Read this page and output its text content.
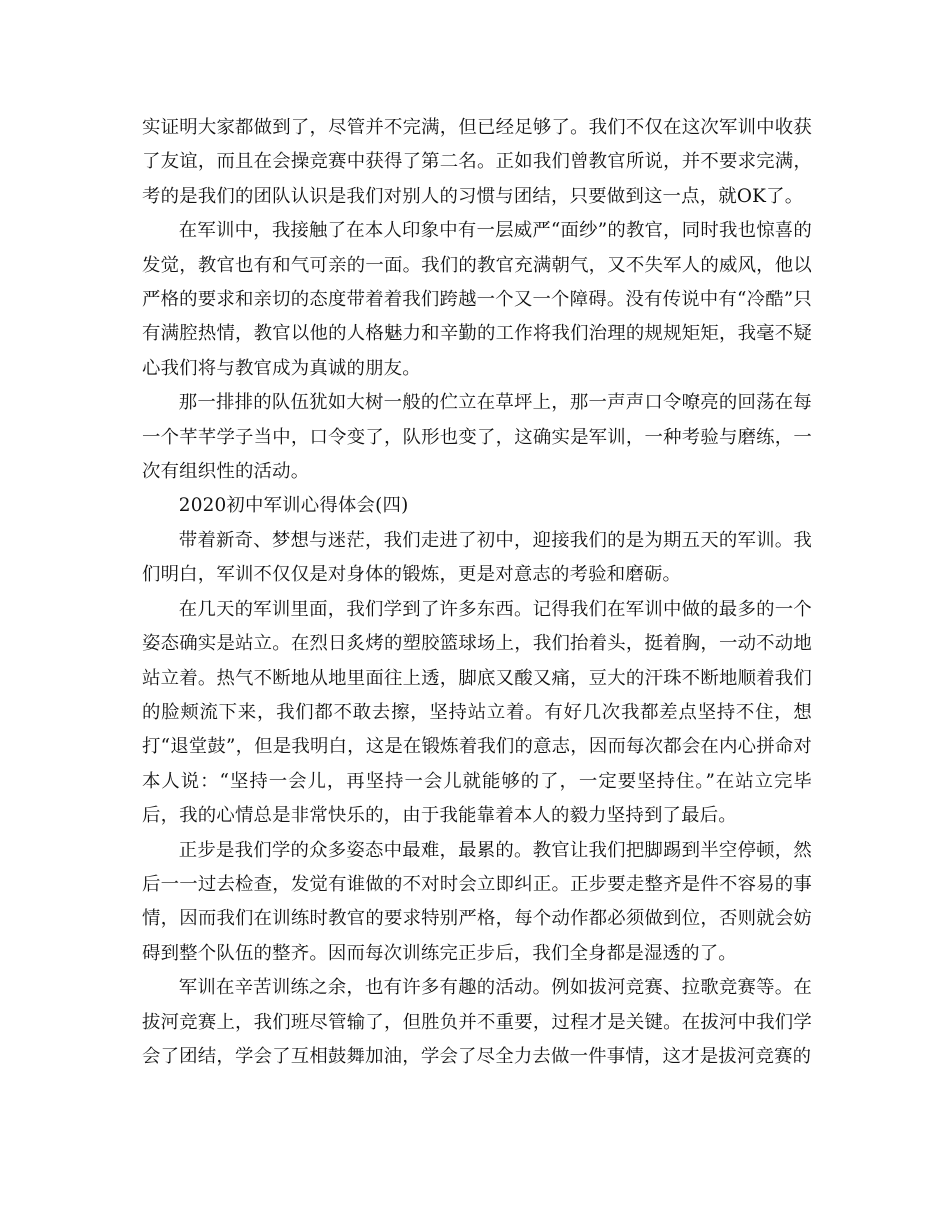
实证明大家都做到了，尽管并不完满，但已经足够了。我们不仅在这次军训中收获了友谊，而且在会操竞赛中获得了第二名。正如我们曾教官所说，并不要求完满，考的是我们的团队认识是我们对别人的习惯与团结，只要做到这一点，就OK了。

在军训中，我接触了在本人印象中有一层威严“面纱”的教官，同时我也惊喜的发觉，教官也有和气可亲的一面。我们的教官充满朝气，又不失军人的威风，他以严格的要求和亲切的态度带着着我们跨越一个又一个障碍。没有传说中有“冷酷”只有满腔热情，教官以他的人格魅力和辛勤的工作将我们治理的规规矩矩，我毫不疑心我们将与教官成为真诚的朋友。

那一排排的队伍犹如大树一般的伫立在草坪上，那一声声口令嘹亮的回荡在每一个芊芊学子当中，口令变了，队形也变了，这确实是军训，一种考验与磨练，一次有组织性的活动。

2020初中军训心得体会(四)

带着新奇、梦想与迷茫，我们走进了初中，迎接我们的是为期五天的军训。我们明白，军训不仅仅是对身体的锻炼，更是对意志的考验和磨砺。

在几天的军训里面，我们学到了许多东西。记得我们在军训中做的最多的一个姿态确实是站立。在烈日炙烤的塑胶篮球场上，我们抬着头，挺着胸，一动不动地站立着。热气不断地从地里面往上透，脚底又酸又痛，豆大的汗珠不断地顺着我们的脸颊流下来，我们都不敢去擦，坚持站立着。有好几次我都差点坚持不住，想打“退堂鼓”，但是我明白，这是在锻炼着我们的意志，因而每次都会在内心拼命对本人说：“坚持一会儿，再坚持一会儿就能够的了，一定要坚持住。”在站立完毕后，我的心情总是非常快乐的，由于我能靠着本人的毅力坚持到了最后。

正步是我们学的众多姿态中最难，最累的。教官让我们把脚踢到半空停顿，然后一一过去检查，发觉有谁做的不对时会立即纠正。正步要走整齐是件不容易的事情，因而我们在训练时教官的要求特别严格，每个动作都必须做到位，否则就会妨碍到整个队伍的整齐。因而每次训练完正步后，我们全身都是湿透的了。

军训在辛苦训练之余，也有许多有趣的活动。例如拔河竞赛、拉歌竞赛等。在拔河竞赛上，我们班尽管输了，但胜负并不重要，过程才是关键。在拔河中我们学会了团结，学会了互相鼓舞加油，学会了尽全力去做一件事情，这才是拔河竞赛的
